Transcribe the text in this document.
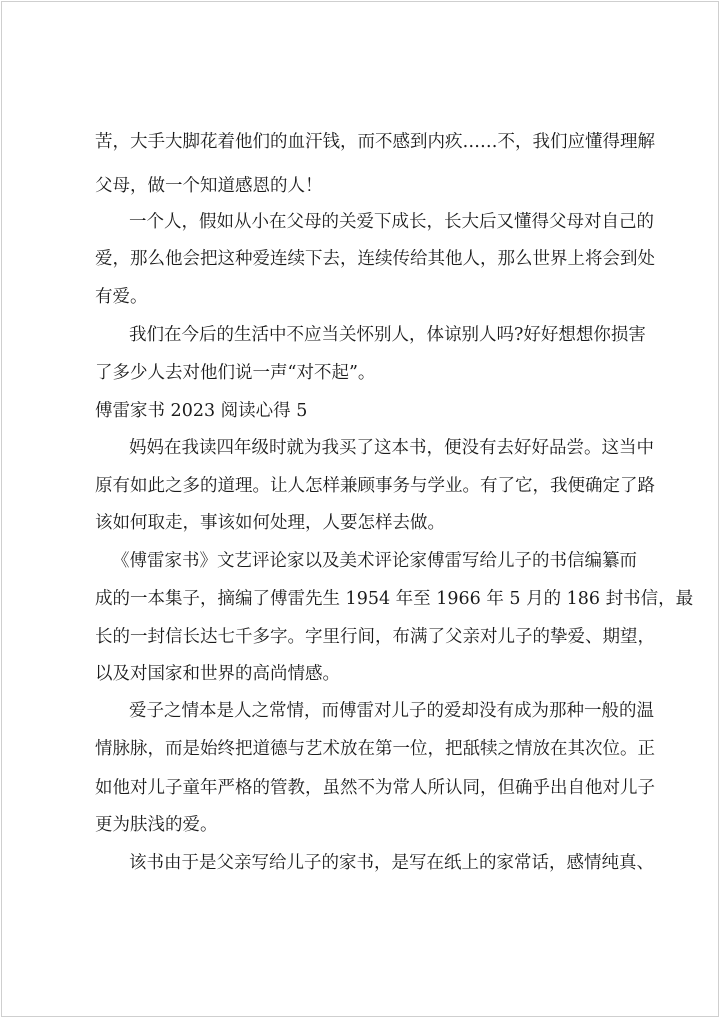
苦，大手大脚花着他们的血汗钱，而不感到内疚……不，我们应懂得理解
父母，做一个知道感恩的人！
一个人，假如从小在父母的关爱下成长，长大后又懂得父母对自己的
爱，那么他会把这种爱连续下去，连续传给其他人，那么世界上将会到处
有爱。
我们在今后的生活中不应当关怀别人，体谅别人吗?好好想想你损害
了多少人去对他们说一声“对不起”。
傅雷家书 2023 阅读心得 5
妈妈在我读四年级时就为我买了这本书，便没有去好好品尝。这当中
原有如此之多的道理。让人怎样兼顾事务与学业。有了它，我便确定了路
该如何取走，事该如何处理，人要怎样去做。
《傅雷家书》文艺评论家以及美术评论家傅雷写给儿子的书信编纂而
成的一本集子，摘编了傅雷先生 1954 年至 1966 年 5 月的 186 封书信，最
长的一封信长达七千多字。字里行间，布满了父亲对儿子的挚爱、期望，
以及对国家和世界的高尚情感。
爱子之情本是人之常情，而傅雷对儿子的爱却没有成为那种一般的温
情脉脉，而是始终把道德与艺术放在第一位，把舐犊之情放在其次位。正
如他对儿子童年严格的管教，虽然不为常人所认同，但确乎出自他对儿子
更为肤浅的爱。
该书由于是父亲写给儿子的家书，是写在纸上的家常话，感情纯真、
